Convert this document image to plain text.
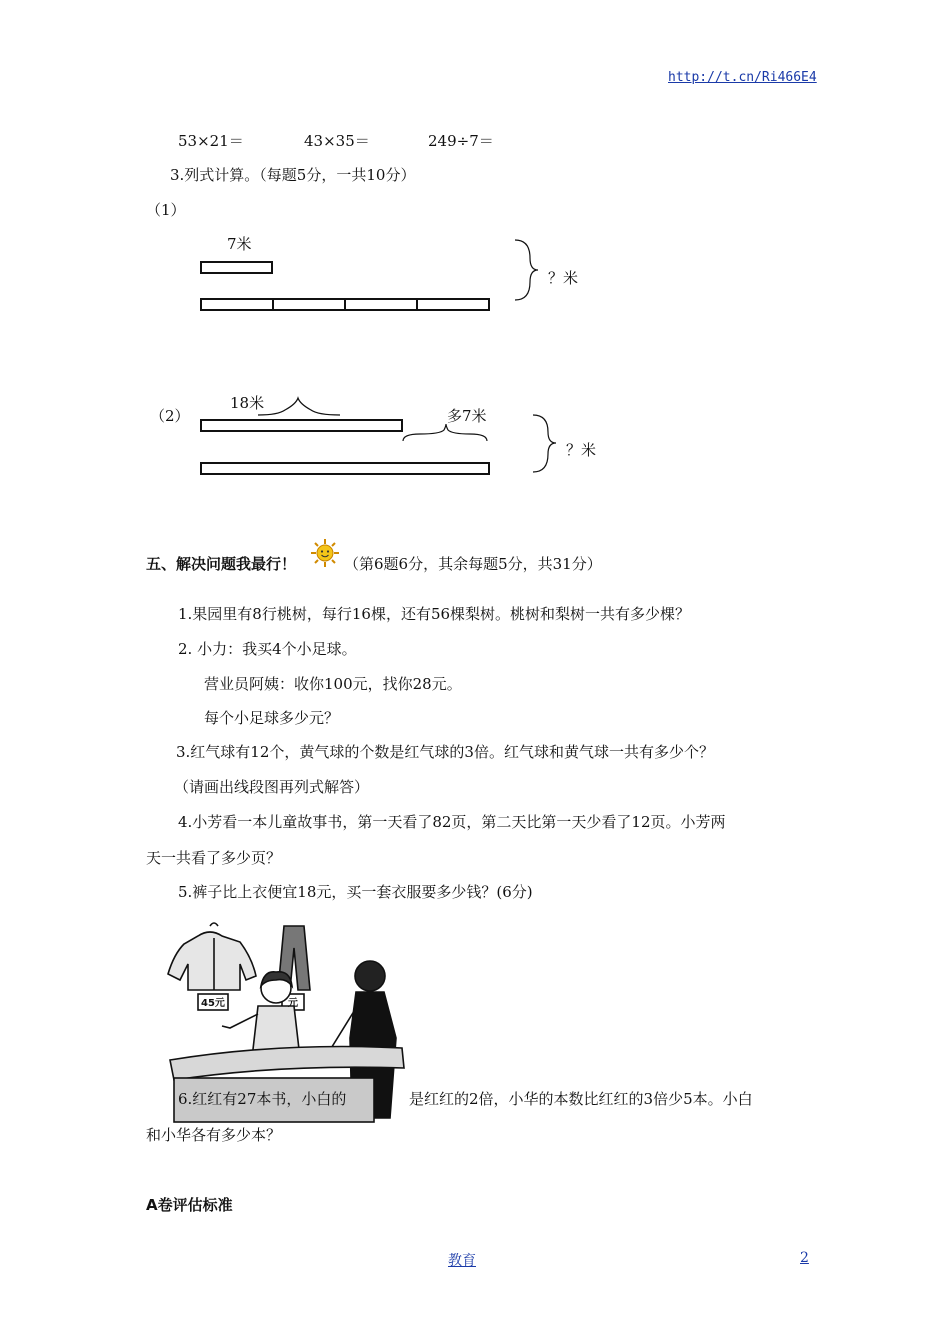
http://t.cn/Ri466E4
53×21＝	43×35＝	249÷7＝
3.列式计算。（每题5分，一共10分）
（1）
7米
？米
（2）
18米
多7米
？米
五、解决问题我最行！	（第6题6分，其余每题5分，共31分）
1.果园里有8行桃树，每行16棵，还有56棵梨树。桃树和梨树一共有多少棵？
2. 小力：我买4个小足球。
营业员阿姨：收你100元，找你28元。
每个小足球多少元？
3.红气球有12个，黄气球的个数是红气球的3倍。红气球和黄气球一共有多少个？
（请画出线段图再列式解答）
4.小芳看一本儿童故事书，第一天看了82页，第二天比第一天少看了12页。小芳两
天一共看了多少页？
5.裤子比上衣便宜18元，买一套衣服要多少钱？(6分)
45元	元
6.红红有27本书，小白的	是红红的2倍，小华的本数比红红的3倍少5本。小白
和小华各有多少本？
A卷评估标准
教育	2
